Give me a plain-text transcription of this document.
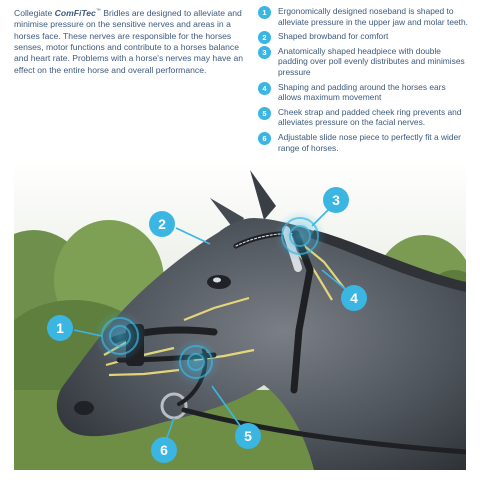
Collegiate ComFiTec™ Bridles are designed to alleviate and minimise pressure on the sensitive nerves and areas in a horses face. These nerves are responsible for the horses senses, motor functions and contribute to a horses balance and heart rate. Problems with a horse's nerves may have an effect on the entire horse and overall performance.
1	Ergonomically designed noseband is shaped to alleviate pressure in the upper jaw and molar teeth.
2	Shaped browband for comfort
3	Anatomically shaped headpiece with double padding over poll evenly distributes and minimises pressure
4	Shaping and padding around the horses ears allows maximum movement
5	Cheek strap and padded cheek ring prevents and alleviates pressure on the facial nerves.
6	Adjustable slide nose piece to perfectly fit a wider range of horses.
1
2
3
4
5
6
